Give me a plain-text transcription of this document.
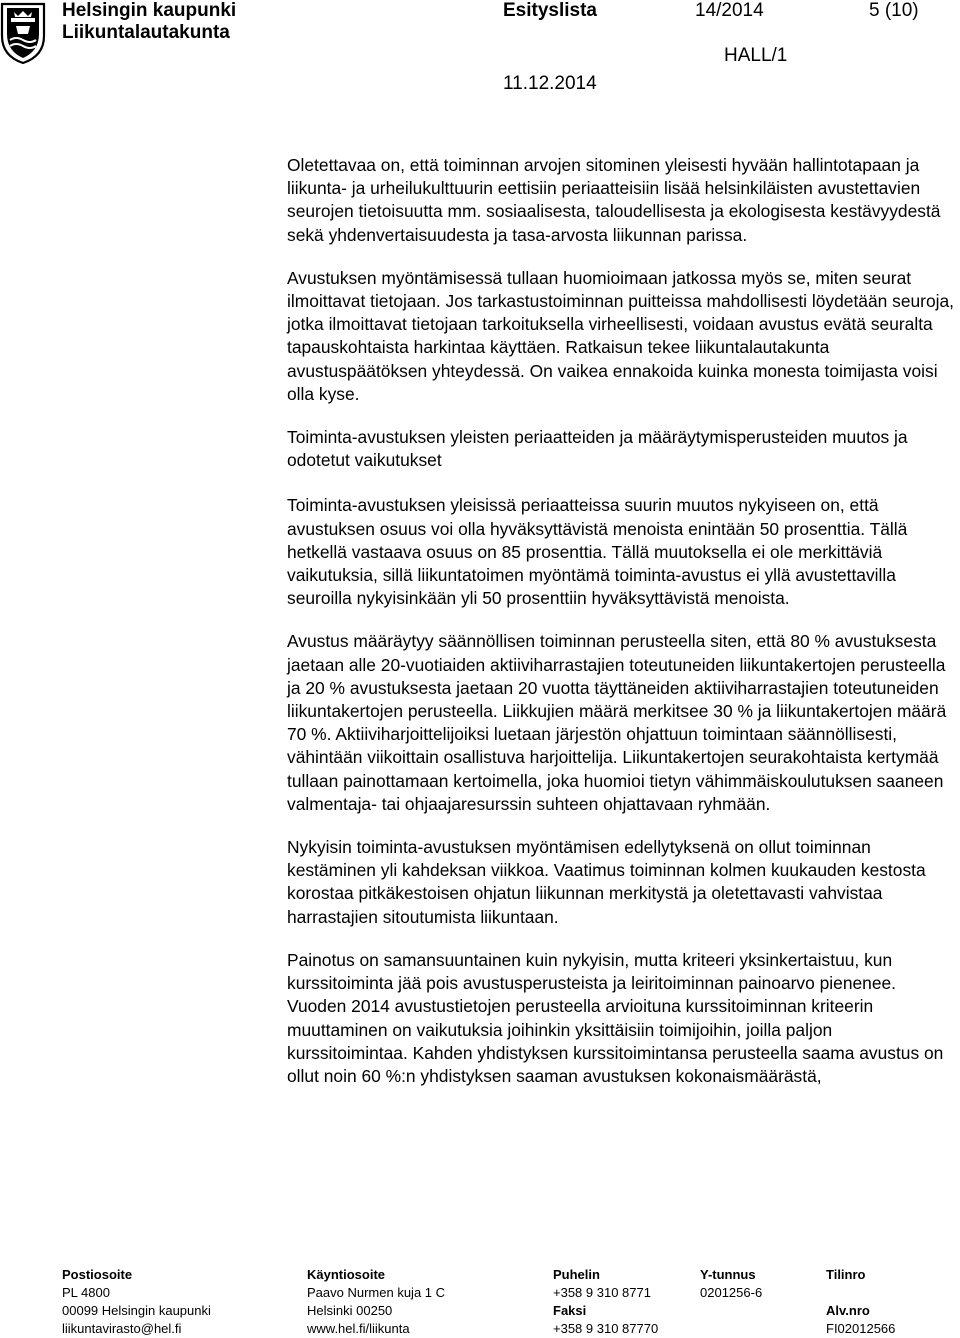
Helsingin kaupunki
Liikuntalautakunta
Esityslista	14/2014	5 (10)
HALL/1
11.12.2014

Oletettavaa on, että toiminnan arvojen sitominen yleisesti hyvään hallintotapaan ja liikunta- ja urheilukulttuurin eettisiin periaatteisiin lisää helsinkiläisten avustettavien seurojen tietoisuutta mm. sosiaalisesta, taloudellisesta ja ekologisesta kestävyydestä sekä yhdenvertaisuudesta ja tasa-arvosta liikunnan parissa.

Avustuksen myöntämisessä tullaan huomioimaan jatkossa myös se, miten seurat ilmoittavat tietojaan. Jos tarkastustoiminnan puitteissa mahdollisesti löydetään seuroja, jotka ilmoittavat tietojaan tarkoituksella virheellisesti, voidaan avustus evätä seuralta tapauskohtaista harkintaa käyttäen. Ratkaisun tekee liikuntalautakunta avustuspäätöksen yhteydessä. On vaikea ennakoida kuinka monesta toimijasta voisi olla kyse.

Toiminta-avustuksen yleisten periaatteiden ja määräytymisperusteiden muutos ja odotetut vaikutukset

Toiminta-avustuksen yleisissä periaatteissa suurin muutos nykyiseen on, että avustuksen osuus voi olla hyväksyttävistä menoista enintään 50 prosenttia. Tällä hetkellä vastaava osuus on 85 prosenttia. Tällä muutoksella ei ole merkittäviä vaikutuksia, sillä liikuntatoimen myöntämä toiminta-avustus ei yllä avustettavilla seuroilla nykyisinkään yli 50 prosenttiin hyväksyttävistä menoista.

Avustus määräytyy säännöllisen toiminnan perusteella siten, että 80 % avustuksesta jaetaan alle 20-vuotiaiden aktiiviharrastajien toteutuneiden liikuntakertojen perusteella ja 20 % avustuksesta jaetaan 20 vuotta täyttäneiden aktiiviharrastajien toteutuneiden liikuntakertojen perusteella. Liikkujien määrä merkitsee 30 % ja liikuntakertojen määrä 70 %. Aktiiviharjoittelijoiksi luetaan järjestön ohjattuun toimintaan säännöllisesti, vähintään viikoittain osallistuva harjoittelija. Liikuntakertojen seurakohtaista kertymää tullaan painottamaan kertoimella, joka huomioi tietyn vähimmäiskoulutuksen saaneen valmentaja- tai ohjaajaresurssin suhteen ohjattavaan ryhmään.

Nykyisin toiminta-avustuksen myöntämisen edellytyksenä on ollut toiminnan kestäminen yli kahdeksan viikkoa. Vaatimus toiminnan kolmen kuukauden kestosta korostaa pitkäkestoisen ohjatun liikunnan merkitystä ja oletettavasti vahvistaa harrastajien sitoutumista liikuntaan.

Painotus on samansuuntainen kuin nykyisin, mutta kriteeri yksinkertaistuu, kun kurssitoiminta jää pois avustusperusteista ja leiritoiminnan painoarvo pienenee. Vuoden 2014 avustustietojen perusteella arvioituna kurssitoiminnan kriteerin muuttaminen on vaikutuksia joihinkin yksittäisiin toimijoihin, joilla paljon kurssitoimintaa. Kahden yhdistyksen kurssitoimintansa perusteella saama avustus on ollut noin 60 %:n yhdistyksen saaman avustuksen kokonaismäärästä,

Postiosoite
PL 4800
00099 Helsingin kaupunki
liikuntavirasto@hel.fi
Käyntiosoite
Paavo Nurmen kuja 1 C
Helsinki 00250
www.hel.fi/liikunta
Puhelin
+358 9 310 8771
Faksi
+358 9 310 87770
Y-tunnus
0201256-6
Tilinro
Alv.nro
FI02012566
